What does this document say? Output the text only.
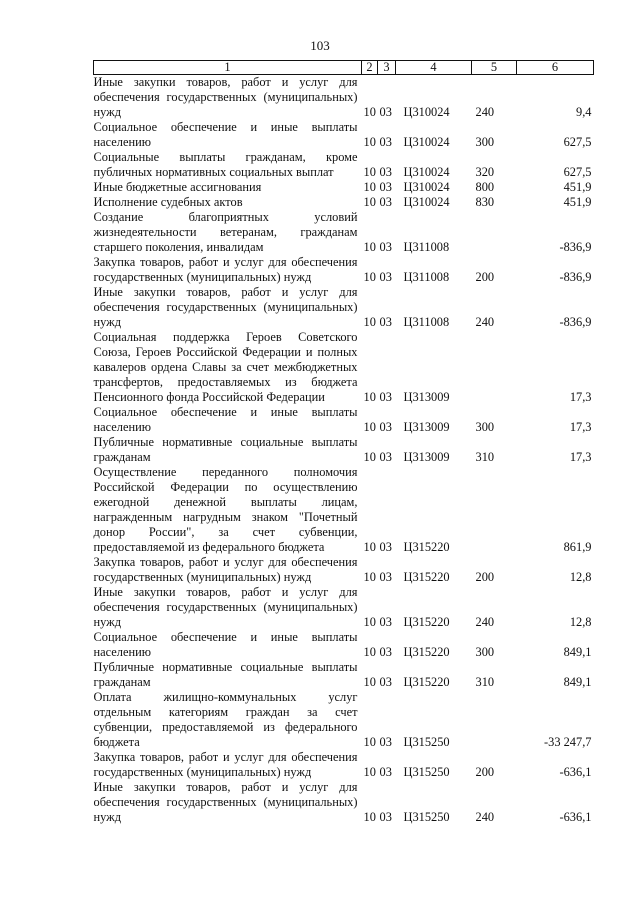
103
1	2	3	4	5	6
Иные закупки товаров, работ и услуг для обеспечения государственных (муниципальных) нужд	10	03	Ц310024	240	9,4
Социальное обеспечение и иные выплаты населению	10	03	Ц310024	300	627,5
Социальные выплаты гражданам, кроме публичных нормативных социальных выплат	10	03	Ц310024	320	627,5
Иные бюджетные ассигнования	10	03	Ц310024	800	451,9
Исполнение судебных актов	10	03	Ц310024	830	451,9
Создание благоприятных условий жизнедеятельности ветеранам, гражданам старшего поколения, инвалидам	10	03	Ц311008		-836,9
Закупка товаров, работ и услуг для обеспечения государственных (муниципальных) нужд	10	03	Ц311008	200	-836,9
Иные закупки товаров, работ и услуг для обеспечения государственных (муниципальных) нужд	10	03	Ц311008	240	-836,9
Социальная поддержка Героев Советского Союза, Героев Российской Федерации и полных кавалеров ордена Славы за счет межбюджетных трансфертов, предоставляемых из бюджета Пенсионного фонда Российской Федерации	10	03	Ц313009		17,3
Социальное обеспечение и иные выплаты населению	10	03	Ц313009	300	17,3
Публичные нормативные социальные выплаты гражданам	10	03	Ц313009	310	17,3
Осуществление переданного полномочия Российской Федерации по осуществлению ежегодной денежной выплаты лицам, награжденным нагрудным знаком "Почетный донор России", за счет субвенции, предоставляемой из федерального бюджета	10	03	Ц315220		861,9
Закупка товаров, работ и услуг для обеспечения государственных (муниципальных) нужд	10	03	Ц315220	200	12,8
Иные закупки товаров, работ и услуг для обеспечения государственных (муниципальных) нужд	10	03	Ц315220	240	12,8
Социальное обеспечение и иные выплаты населению	10	03	Ц315220	300	849,1
Публичные нормативные социальные выплаты гражданам	10	03	Ц315220	310	849,1
Оплата жилищно-коммунальных услуг отдельным категориям граждан за счет субвенции, предоставляемой из федерального бюджета	10	03	Ц315250		-33 247,7
Закупка товаров, работ и услуг для обеспечения государственных (муниципальных) нужд	10	03	Ц315250	200	-636,1
Иные закупки товаров, работ и услуг для обеспечения государственных (муниципальных) нужд	10	03	Ц315250	240	-636,1
